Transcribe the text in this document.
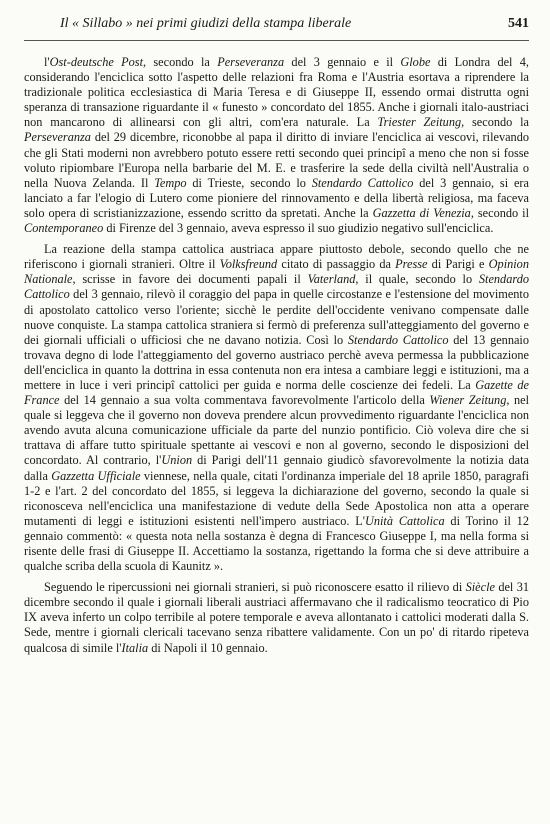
Il « Sillabo » nei primi giudizi della stampa liberale	541

l'Ost-deutsche Post, secondo la Perseveranza del 3 gennaio e il Globe di Londra del 4, considerando l'enciclica sotto l'aspetto delle relazioni fra Roma e l'Austria esortava a riprendere la tradizionale politica ecclesiastica di Maria Teresa e di Giuseppe II, essendo ormai distrutta ogni speranza di transazione riguardante il « funesto » concordato del 1855. Anche i giornali italo-austriaci non mancarono di allinearsi con gli altri, com'era naturale. La Triester Zeitung, secondo la Perseveranza del 29 dicembre, riconobbe al papa il diritto di inviare l'enciclica ai vescovi, rilevando che gli Stati moderni non avrebbero potuto essere retti secondo quei principî a meno che non si fosse voluto ripiombare l'Europa nella barbarie del M. E. e trasferire la sede della civiltà nell'Australia o nella Nuova Zelanda. Il Tempo di Trieste, secondo lo Stendardo Cattolico del 3 gennaio, si era lanciato a far l'elogio di Lutero come pioniere del rinnovamento e della libertà religiosa, ma faceva solo opera di scristianizzazione, essendo scritto da spretati. Anche la Gazzetta di Venezia, secondo il Contemporaneo di Firenze del 3 gennaio, aveva espresso il suo giudizio negativo sull'enciclica.

La reazione della stampa cattolica austriaca appare piuttosto debole, secondo quello che ne riferiscono i giornali stranieri. Oltre il Volksfreund citato di passaggio da Presse di Parigi e Opinion Nationale, scrisse in favore dei documenti papali il Vaterland, il quale, secondo lo Stendardo Cattolico del 3 gennaio, rilevò il coraggio del papa in quelle circostanze e l'estensione del movimento di apostolato cattolico verso l'oriente; sicchè le perdite dell'occidente venivano compensate dalle nuove conquiste. La stampa cattolica straniera si fermò di preferenza sull'atteggiamento del governo e dei giornali ufficiali o ufficiosi che ne davano notizia. Così lo Stendardo Cattolico del 13 gennaio trovava degno di lode l'atteggiamento del governo austriaco perchè aveva permessa la pubblicazione dell'enciclica in quanto la dottrina in essa contenuta non era intesa a cambiare leggi e istituzioni, ma a mettere in luce i veri principî cattolici per guida e norma delle coscienze dei fedeli. La Gazette de France del 14 gennaio a sua volta commentava favorevolmente l'articolo della Wiener Zeitung, nel quale si leggeva che il governo non doveva prendere alcun provvedimento riguardante l'enciclica non avendo avuta alcuna comunicazione ufficiale da parte del nunzio pontificio. Ciò voleva dire che si trattava di affare tutto spirituale spettante ai vescovi e non al governo, secondo le disposizioni del concordato. Al contrario, l'Union di Parigi dell'11 gennaio giudicò sfavorevolmente la notizia data dalla Gazzetta Ufficiale viennese, nella quale, citati l'ordinanza imperiale del 18 aprile 1850, paragrafi 1-2 e l'art. 2 del concordato del 1855, si leggeva la dichiarazione del governo, secondo la quale si riconosceva nell'enciclica una manifestazione di vedute della Sede Apostolica non atta a operare mutamenti di leggi e istituzioni esistenti nell'impero austriaco. L'Unità Cattolica di Torino il 12 gennaio commentò: « questa nota nella sostanza è degna di Francesco Giuseppe I, ma nella forma si risente delle frasi di Giuseppe II. Accettiamo la sostanza, rigettando la forma che si deve attribuire a qualche scriba della scuola di Kaunitz ».

Seguendo le ripercussioni nei giornali stranieri, si può riconoscere esatto il rilievo di Siècle del 31 dicembre secondo il quale i giornali liberali austriaci affermavano che il radicalismo teocratico di Pio IX aveva inferto un colpo terribile al potere temporale e aveva allontanato i cattolici moderati dalla S. Sede, mentre i giornali clericali tacevano senza ribattere validamente. Con un po' di ritardo ripeteva qualcosa di simile l'Italia di Napoli il 10 gennaio.
